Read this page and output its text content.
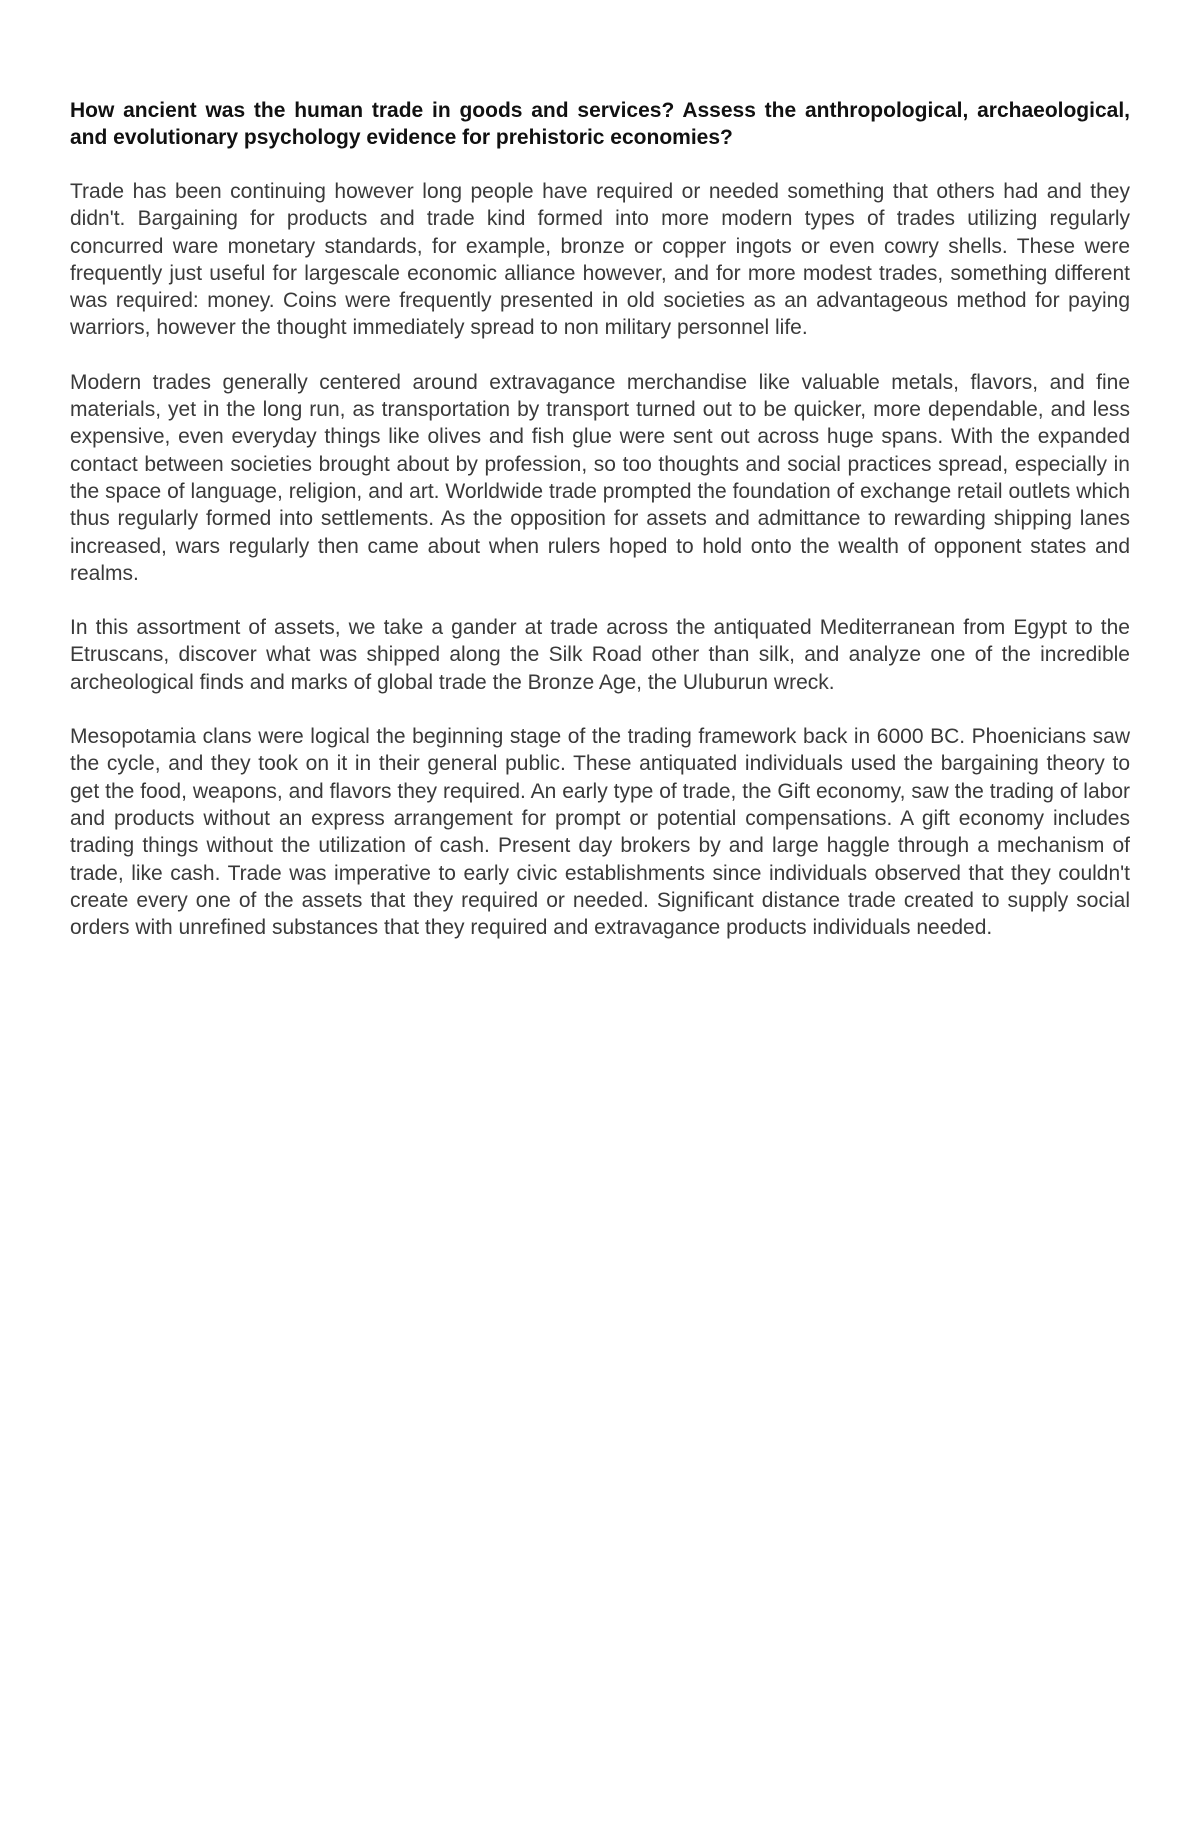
How ancient was the human trade in goods and services? Assess the anthropological, archaeological, and evolutionary psychology evidence for prehistoric economies?

Trade has been continuing however long people have required or needed something that others had and they didn't. Bargaining for products and trade kind formed into more modern types of trades utilizing regularly concurred ware monetary standards, for example, bronze or copper ingots or even cowry shells. These were frequently just useful for largescale economic alliance however, and for more modest trades, something different was required: money. Coins were frequently presented in old societies as an advantageous method for paying warriors, however the thought immediately spread to non military personnel life.

Modern trades generally centered around extravagance merchandise like valuable metals, flavors, and fine materials, yet in the long run, as transportation by transport turned out to be quicker, more dependable, and less expensive, even everyday things like olives and fish glue were sent out across huge spans. With the expanded contact between societies brought about by profession, so too thoughts and social practices spread, especially in the space of language, religion, and art. Worldwide trade prompted the foundation of exchange retail outlets which thus regularly formed into settlements. As the opposition for assets and admittance to rewarding shipping lanes increased, wars regularly then came about when rulers hoped to hold onto the wealth of opponent states and realms.

In this assortment of assets, we take a gander at trade across the antiquated Mediterranean from Egypt to the Etruscans, discover what was shipped along the Silk Road other than silk, and analyze one of the incredible archeological finds and marks of global trade the Bronze Age, the Uluburun wreck.

Mesopotamia clans were logical the beginning stage of the trading framework back in 6000 BC. Phoenicians saw the cycle, and they took on it in their general public. These antiquated individuals used the bargaining theory to get the food, weapons, and flavors they required. An early type of trade, the Gift economy, saw the trading of labor and products without an express arrangement for prompt or potential compensations. A gift economy includes trading things without the utilization of cash. Present day brokers by and large haggle through a mechanism of trade, like cash. Trade was imperative to early civic establishments since individuals observed that they couldn't create every one of the assets that they required or needed. Significant distance trade created to supply social orders with unrefined substances that they required and extravagance products individuals needed.
